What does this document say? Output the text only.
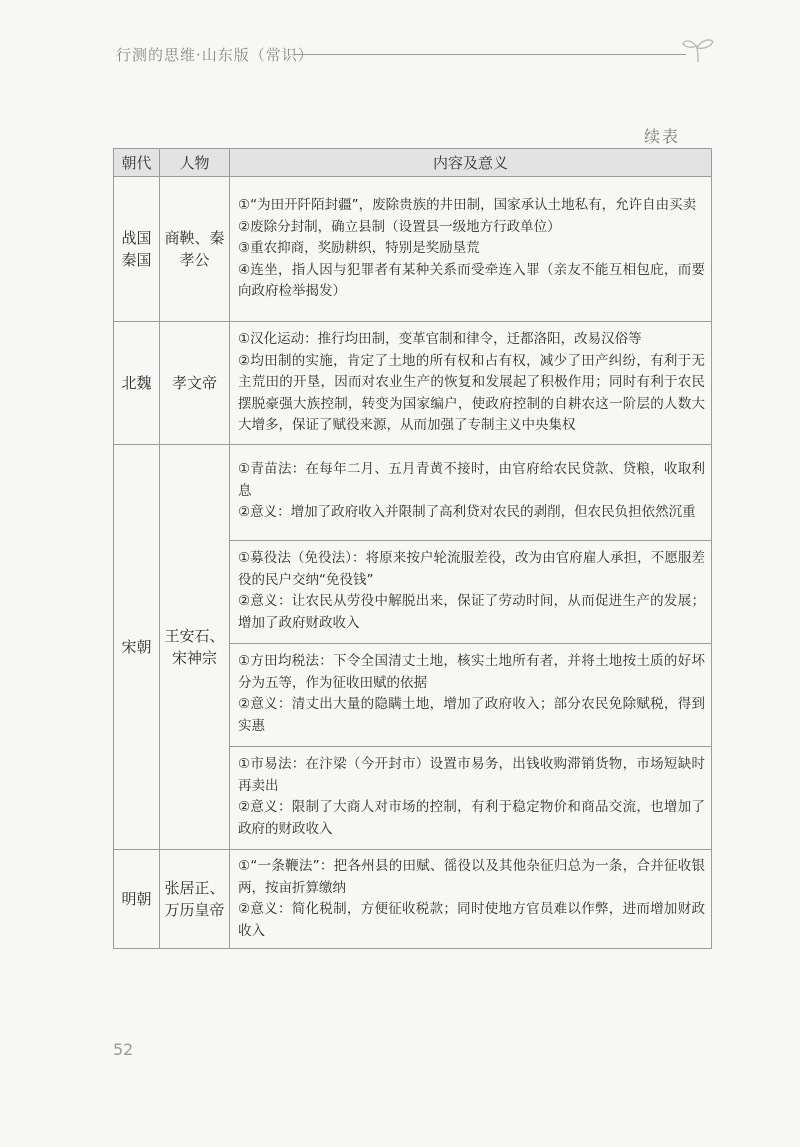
行测的思维·山东版（常识）
续表
朝代	人物	内容及意义
战国秦国	商鞅、秦孝公	①“为田开阡陌封疆”，废除贵族的井田制，国家承认土地私有，允许自由买卖
②废除分封制，确立县制（设置县一级地方行政单位）
③重农抑商，奖励耕织，特别是奖励垦荒
④连坐，指人因与犯罪者有某种关系而受牵连入罪（亲友不能互相包庇，而要向政府检举揭发）

北魏	孝文帝	①汉化运动：推行均田制，变革官制和律令，迁都洛阳，改易汉俗等
②均田制的实施，肯定了土地的所有权和占有权，减少了田产纠纷，有利于无主荒田的开垦，因而对农业生产的恢复和发展起了积极作用；同时有利于农民摆脱豪强大族控制，转变为国家编户，使政府控制的自耕农这一阶层的人数大大增多，保证了赋役来源，从而加强了专制主义中央集权

宋朝	王安石、宋神宗	①青苗法：在每年二月、五月青黄不接时，由官府给农民贷款、贷粮，收取利息
②意义：增加了政府收入并限制了高利贷对农民的剥削，但农民负担依然沉重

		①募役法（免役法）：将原来按户轮流服差役，改为由官府雇人承担，不愿服差役的民户交纳“免役钱”
②意义：让农民从劳役中解脱出来，保证了劳动时间，从而促进生产的发展；增加了政府财政收入

		①方田均税法：下令全国清丈土地，核实土地所有者，并将土地按土质的好坏分为五等，作为征收田赋的依据
②意义：清丈出大量的隐瞒土地，增加了政府收入；部分农民免除赋税，得到实惠

		①市易法：在汴梁（今开封市）设置市易务，出钱收购滞销货物，市场短缺时再卖出
②意义：限制了大商人对市场的控制，有利于稳定物价和商品交流，也增加了政府的财政收入

明朝	张居正、万历皇帝	①“一条鞭法”：把各州县的田赋、徭役以及其他杂征归总为一条，合并征收银两，按亩折算缴纳
②意义：简化税制，方便征收税款；同时使地方官员难以作弊，进而增加财政收入
52
